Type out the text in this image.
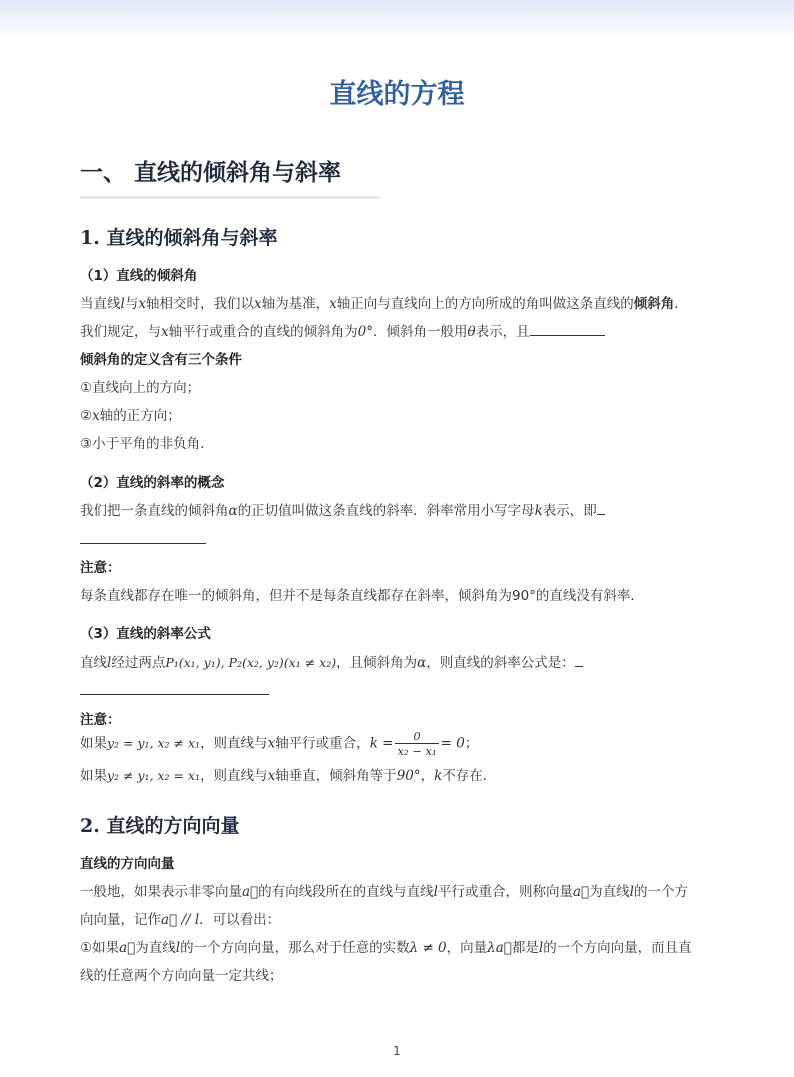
直线的方程
一、 直线的倾斜角与斜率
1. 直线的倾斜角与斜率
（1）直线的倾斜角
当直线l与x轴相交时，我们以x轴为基准，x轴正向与直线向上的方向所成的角叫做这条直线的倾斜角．
我们规定，与x轴平行或重合的直线的倾斜角为0°．倾斜角一般用θ表示，且
倾斜角的定义含有三个条件
①直线向上的方向；
②x轴的正方向；
③小于平角的非负角．
（2）直线的斜率的概念
我们把一条直线的倾斜角α的正切值叫做这条直线的斜率．斜率常用小写字母k表示，即
注意：
每条直线都存在唯一的倾斜角，但并不是每条直线都存在斜率，倾斜角为90°的直线没有斜率．
（3）直线的斜率公式
直线l经过两点P₁(x₁, y₁), P₂(x₂, y₂)(x₁ ≠ x₂)，且倾斜角为α，则直线的斜率公式是：
注意：
如果y₂ = y₁, x₂ ≠ x₁，则直线与x轴平行或重合，$k = \frac{0}{\text{x₂ − x₁}} = 0$；
如果y₂ ≠ y₁, x₂ = x₁，则直线与x轴垂直，倾斜角等于90°，k不存在．
2. 直线的方向向量
直线的方向向量
一般地，如果表示非零向量a⃗的有向线段所在的直线与直线l平行或重合，则称向量a⃗为直线l的一个方
向向量，记作a⃗ // l．可以看出：
①如果a⃗为直线l的一个方向向量，那么对于任意的实数λ ≠ 0，向量λa⃗都是l的一个方向向量，而且直
线的任意两个方向向量一定共线；
1
